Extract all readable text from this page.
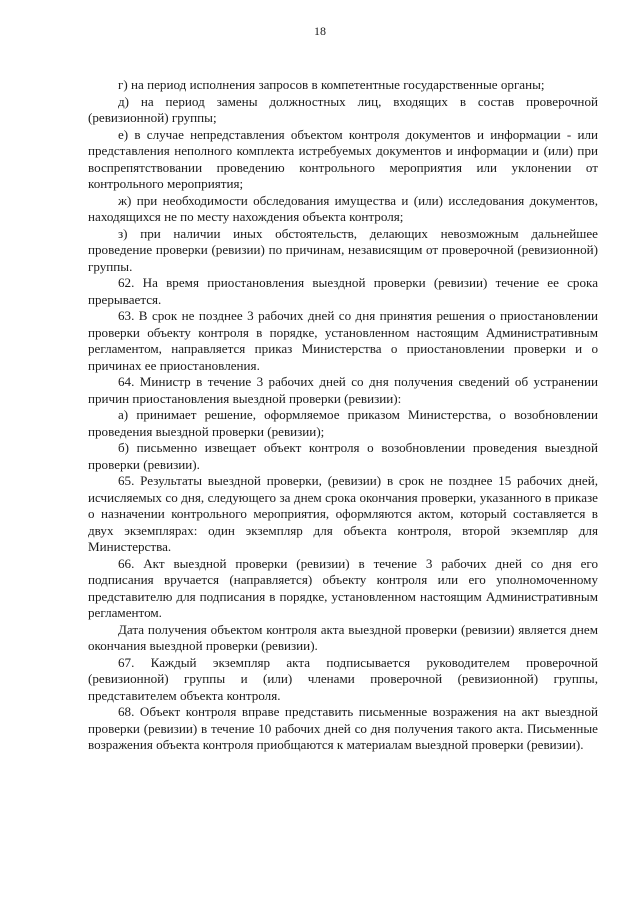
18

г) на период исполнения запросов в компетентные государственные органы;

д) на период замены должностных лиц, входящих в состав проверочной (ревизионной) группы;

е) в случае непредставления объектом контроля документов и информации - или представления неполного комплекта истребуемых документов и информации и (или) при воспрепятствовании проведению контрольного мероприятия или уклонении от контрольного мероприятия;

ж) при необходимости обследования имущества и (или) исследования документов, находящихся не по месту нахождения объекта контроля;

з) при наличии иных обстоятельств, делающих невозможным дальнейшее проведение проверки (ревизии) по причинам, независящим от проверочной (ревизионной) группы.

62. На время приостановления выездной проверки (ревизии) течение ее срока прерывается.

63. В срок не позднее 3 рабочих дней со дня принятия решения о приостановлении проверки объекту контроля в порядке, установленном настоящим Административным регламентом, направляется приказ Министерства о приостановлении проверки и о причинах ее приостановления.

64. Министр в течение 3 рабочих дней со дня получения сведений об устранении причин приостановления выездной проверки (ревизии):

а) принимает решение, оформляемое приказом Министерства, о возобновлении проведения выездной проверки (ревизии);

б) письменно извещает объект контроля о возобновлении проведения выездной проверки (ревизии).

65. Результаты выездной проверки, (ревизии) в срок не позднее 15 рабочих дней, исчисляемых со дня, следующего за днем срока окончания проверки, указанного в приказе о назначении контрольного мероприятия, оформляются актом, который составляется в двух экземплярах: один экземпляр для объекта контроля, второй экземпляр для Министерства.

66. Акт выездной проверки (ревизии) в течение 3 рабочих дней со дня его подписания вручается (направляется) объекту контроля или его уполномоченному представителю для подписания в порядке, установленном настоящим Административным регламентом.

Дата получения объектом контроля акта выездной проверки (ревизии) является днем окончания выездной проверки (ревизии).

67. Каждый экземпляр акта подписывается руководителем проверочной (ревизионной) группы и (или) членами проверочной (ревизионной) группы, представителем объекта контроля.

68. Объект контроля вправе представить письменные возражения на акт выездной проверки (ревизии) в течение 10 рабочих дней со дня получения такого акта. Письменные возражения объекта контроля приобщаются к материалам выездной проверки (ревизии).
